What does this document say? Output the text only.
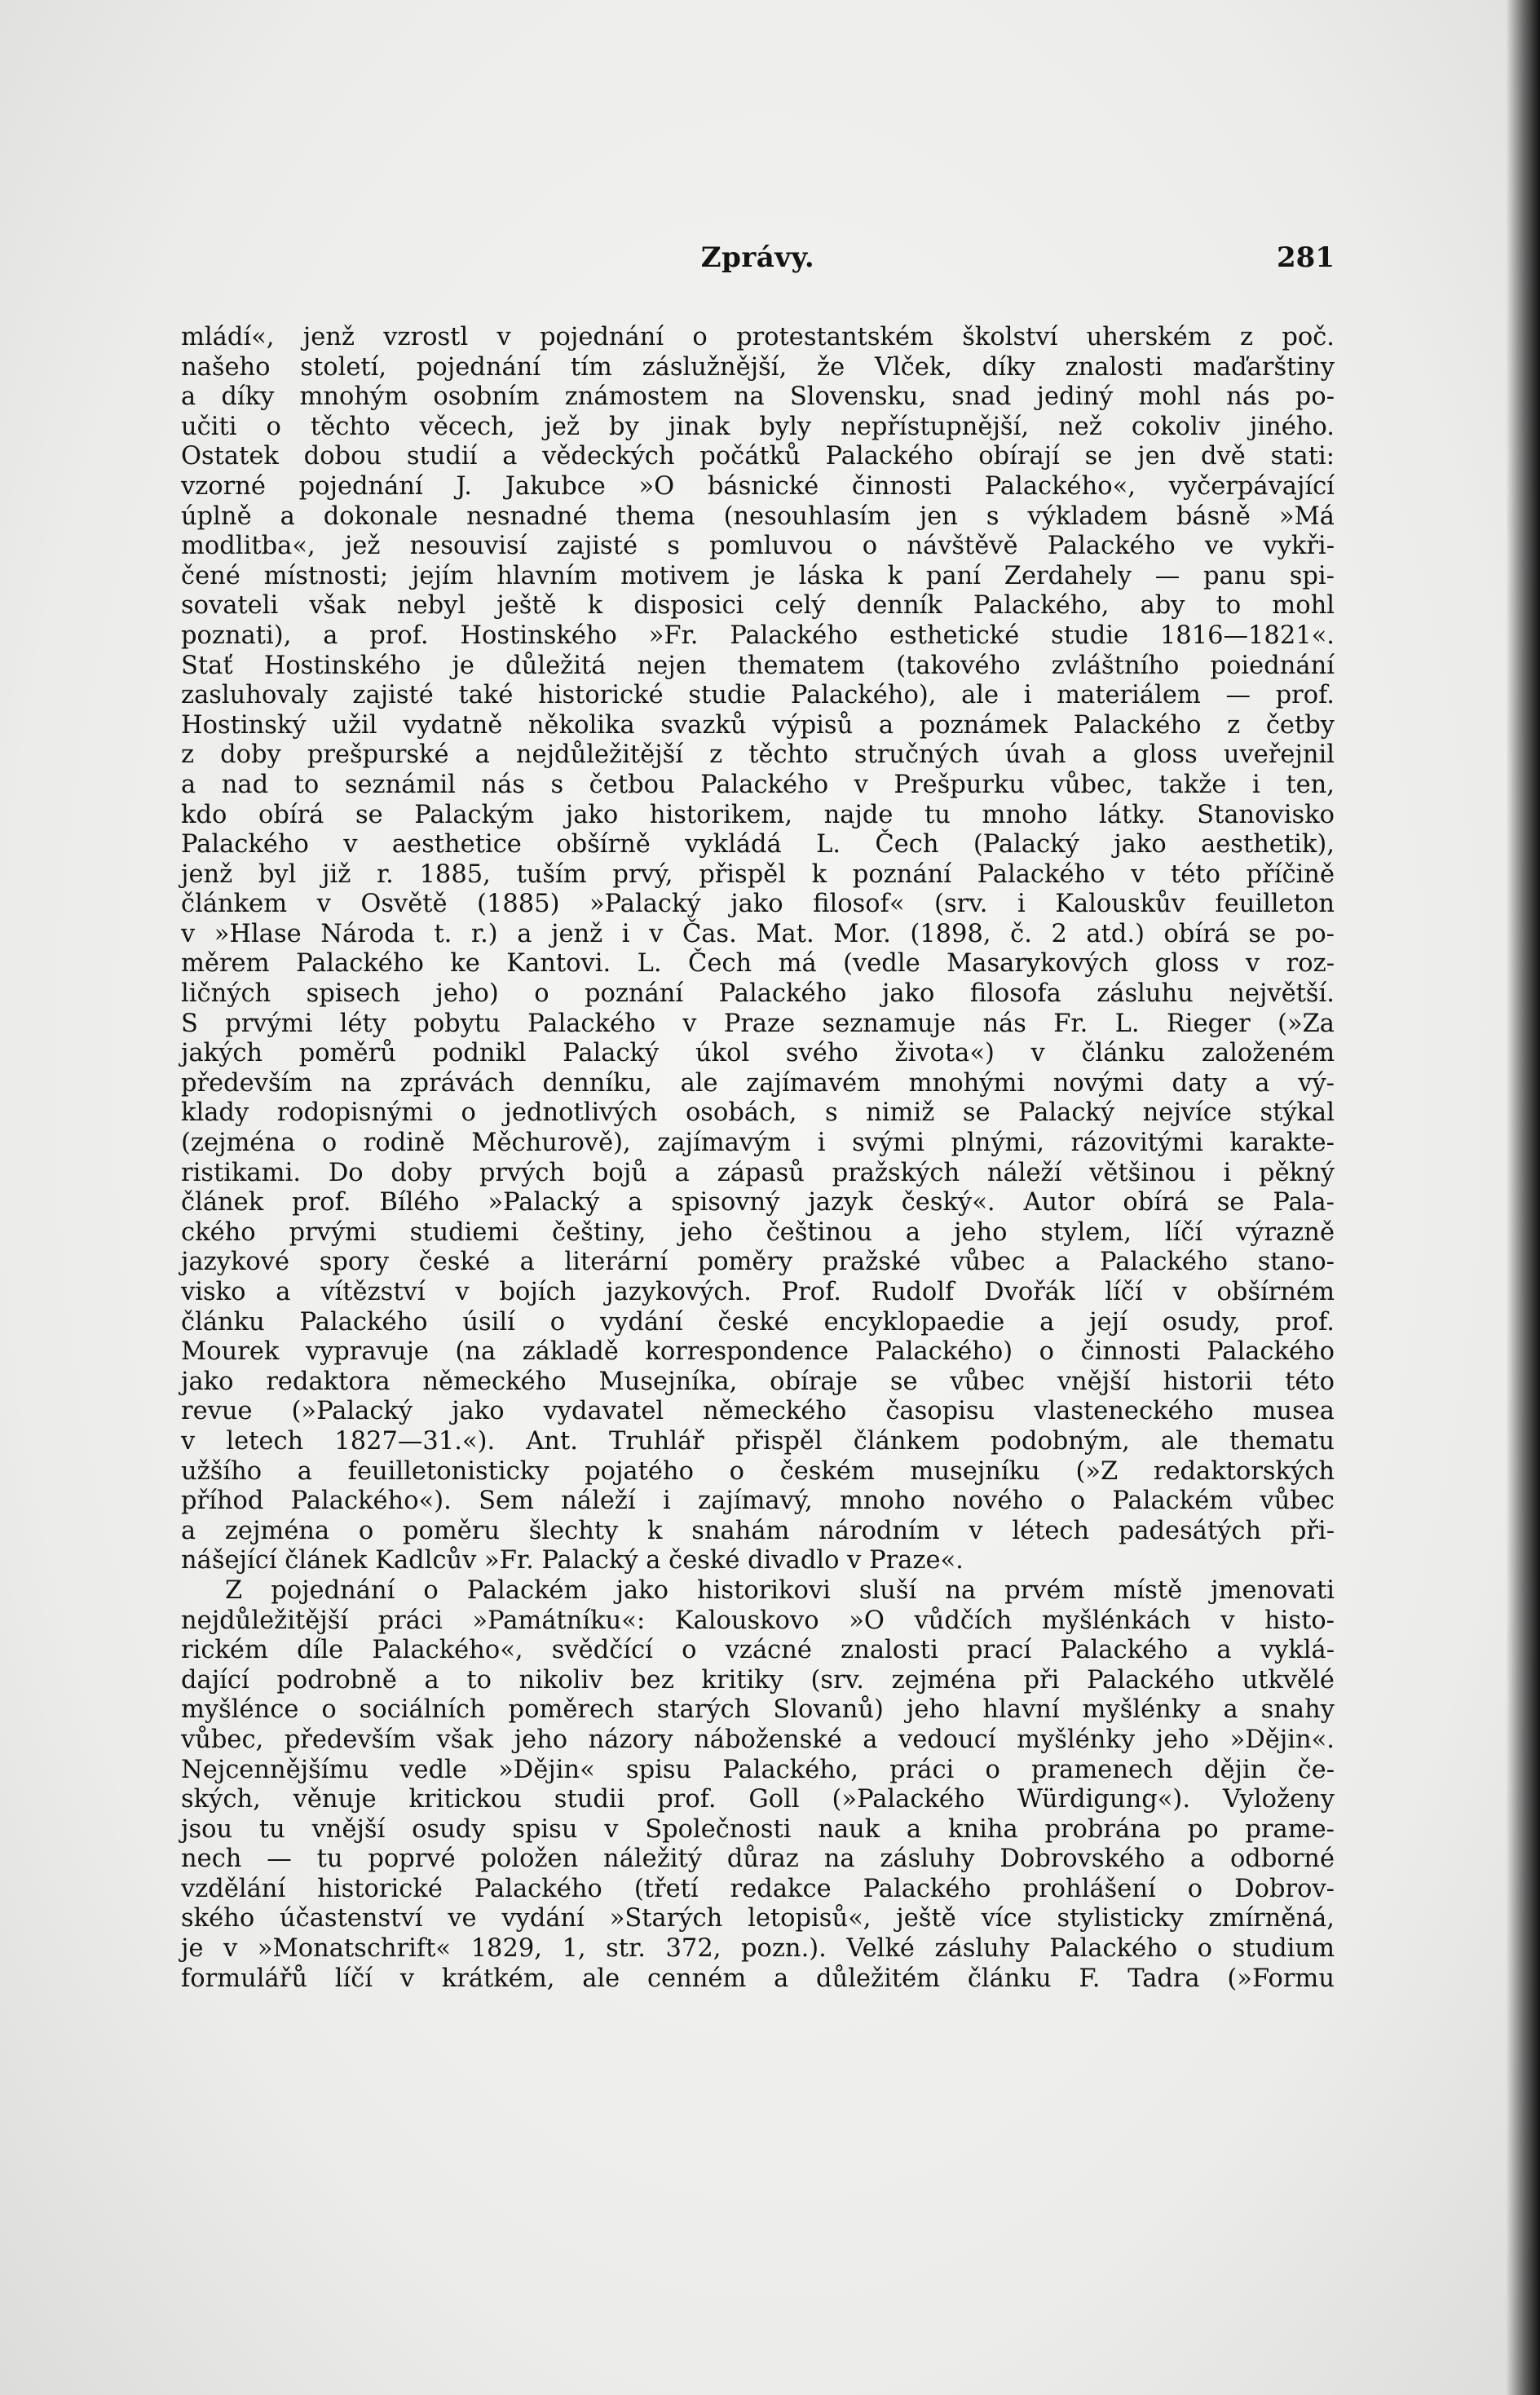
Zprávy.	281
mládí«, jenž vzrostl v pojednání o protestantském školství uherském z poč.
našeho století, pojednání tím záslužnější, že Vlček, díky znalosti maďarštiny
a díky mnohým osobním známostem na Slovensku, snad jediný mohl nás po-
učiti o těchto věcech, jež by jinak byly nepřístupnější, než cokoliv jiného.
Ostatek dobou studií a vědeckých počátků Palackého obírají se jen dvě stati:
vzorné pojednání J. Jakubce »O básnické činnosti Palackého«, vyčerpávající
úplně a dokonale nesnadné thema (nesouhlasím jen s výkladem básně »Má
modlitba«, jež nesouvisí zajisté s pomluvou o návštěvě Palackého ve vykři-
čené místnosti; jejím hlavním motivem je láska k paní Zerdahely — panu spi-
sovateli však nebyl ještě k disposici celý denník Palackého, aby to mohl
poznati), a prof. Hostinského »Fr. Palackého esthetické studie 1816—1821«.
Stať Hostinského je důležitá nejen thematem (takového zvláštního poiednání
zasluhovaly zajisté také historické studie Palackého), ale i materiálem — prof.
Hostinský užil vydatně několika svazků výpisů a poznámek Palackého z četby
z doby prešpurské a nejdůležitější z těchto stručných úvah a gloss uveřejnil
a nad to seznámil nás s četbou Palackého v Prešpurku vůbec, takže i ten,
kdo obírá se Palackým jako historikem, najde tu mnoho látky. Stanovisko
Palackého v aesthetice obšírně vykládá L. Čech (Palacký jako aesthetik),
jenž byl již r. 1885, tuším prvý, přispěl k poznání Palackého v této příčině
článkem v Osvětě (1885) »Palacký jako filosof« (srv. i Kalouskův feuilleton
v »Hlase Národa t. r.) a jenž i v Čas. Mat. Mor. (1898, č. 2 atd.) obírá se po-
měrem Palackého ke Kantovi. L. Čech má (vedle Masarykových gloss v roz-
ličných spisech jeho) o poznání Palackého jako filosofa zásluhu největší.
S prvými léty pobytu Palackého v Praze seznamuje nás Fr. L. Rieger (»Za
jakých poměrů podnikl Palacký úkol svého života«) v článku založeném
především na zprávách denníku, ale zajímavém mnohými novými daty a vý-
klady rodopisnými o jednotlivých osobách, s nimiž se Palacký nejvíce stýkal
(zejména o rodině Měchurově), zajímavým i svými plnými, rázovitými karakte-
ristikami. Do doby prvých bojů a zápasů pražských náleží většinou i pěkný
článek prof. Bílého »Palacký a spisovný jazyk český«. Autor obírá se Pala-
ckého prvými studiemi češtiny, jeho češtinou a jeho stylem, líčí výrazně
jazykové spory české a literární poměry pražské vůbec a Palackého stano-
visko a vítězství v bojích jazykových. Prof. Rudolf Dvořák líčí v obšírném
článku Palackého úsilí o vydání české encyklopaedie a její osudy, prof.
Mourek vypravuje (na základě korrespondence Palackého) o činnosti Palackého
jako redaktora německého Musejníka, obíraje se vůbec vnější historii této
revue (»Palacký jako vydavatel německého časopisu vlasteneckého musea
v letech 1827—31.«). Ant. Truhlář přispěl článkem podobným, ale thematu
užšího a feuilletonisticky pojatého o českém musejníku (»Z redaktorských
příhod Palackého«). Sem náleží i zajímavý, mnoho nového o Palackém vůbec
a zejména o poměru šlechty k snahám národním v létech padesátých při-
nášející článek Kadlcův »Fr. Palacký a české divadlo v Praze«.
Z pojednání o Palackém jako historikovi sluší na prvém místě jmenovati
nejdůležitější práci »Památníku«: Kalouskovo »O vůdčích myšlénkách v histo-
rickém díle Palackého«, svědčící o vzácné znalosti prací Palackého a vyklá-
dající podrobně a to nikoliv bez kritiky (srv. zejména při Palackého utkvělé
myšlénce o sociálních poměrech starých Slovanů) jeho hlavní myšlénky a snahy
vůbec, především však jeho názory náboženské a vedoucí myšlénky jeho »Dějin«.
Nejcennějšímu vedle »Dějin« spisu Palackého, práci o pramenech dějin če-
ských, věnuje kritickou studii prof. Goll (»Palackého Würdigung«). Vyloženy
jsou tu vnější osudy spisu v Společnosti nauk a kniha probrána po prame-
nech — tu poprvé položen náležitý důraz na zásluhy Dobrovského a odborné
vzdělání historické Palackého (třetí redakce Palackého prohlášení o Dobrov-
ského účastenství ve vydání »Starých letopisů«, ještě více stylisticky zmírněná,
je v »Monatschrift« 1829, 1, str. 372, pozn.). Velké zásluhy Palackého o studium
formulářů líčí v krátkém, ale cenném a důležitém článku F. Tadra (»Formu
